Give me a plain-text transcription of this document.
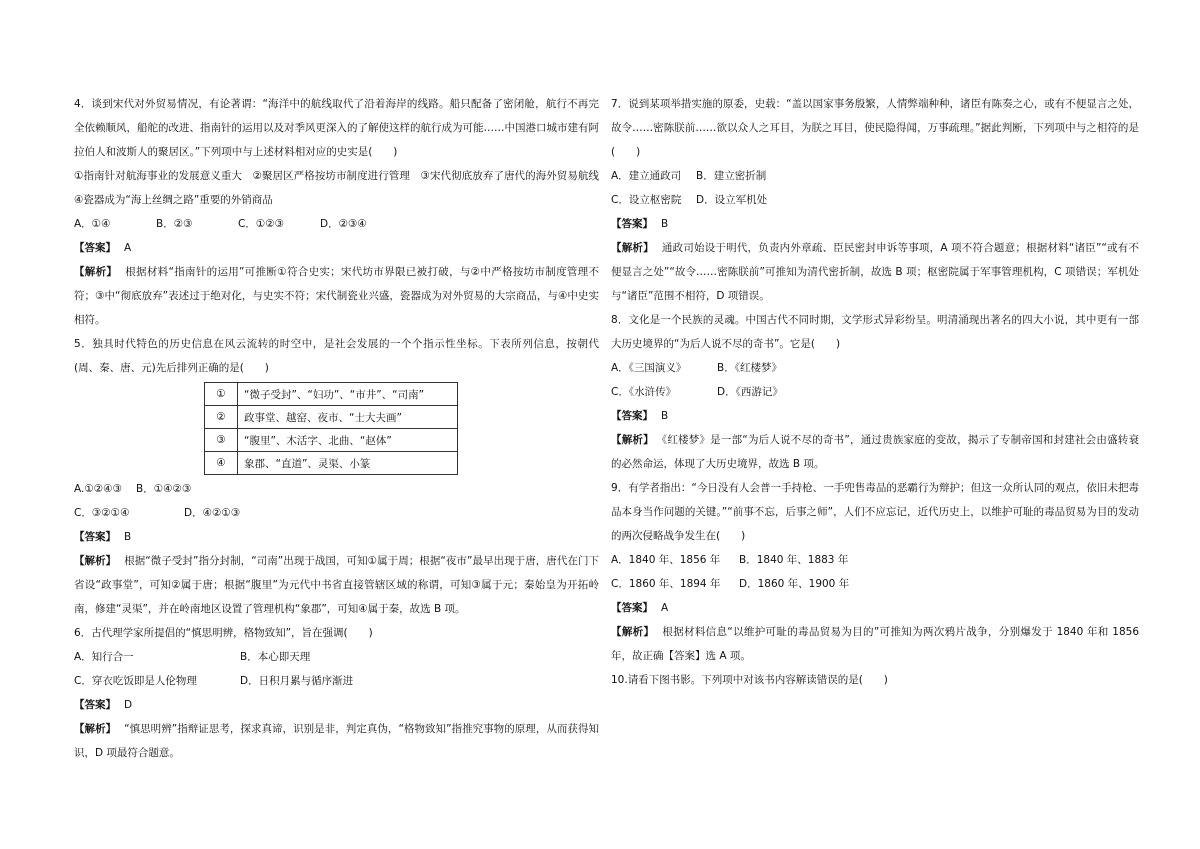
4．谈到宋代对外贸易情况，有论著谓：“海洋中的航线取代了沿着海岸的线路。船只配备了密闭舱，航行不再完全依赖顺风，船舵的改进、指南针的运用以及对季风更深入的了解使这样的航行成为可能……中国港口城市建有阿拉伯人和波斯人的聚居区。”下列项中与上述材料相对应的史实是(　　)

①指南针对航海事业的发展意义重大　②聚居区严格按坊市制度进行管理　③宋代彻底放弃了唐代的海外贸易航线　④瓷器成为“海上丝绸之路”重要的外销商品

A．①④	B．②③	C．①②③	D．②③④

【答案】 A

【解析】 根据材料“指南针的运用”可推断①符合史实；宋代坊市界限已被打破，与②中严格按坊市制度管理不符；③中“彻底放弃”表述过于绝对化，与史实不符；宋代制瓷业兴盛，瓷器成为对外贸易的大宗商品，与④中史实相符。

5．独具时代特色的历史信息在风云流转的时空中，是社会发展的一个个指示性坐标。下表所列信息，按朝代(周、秦、唐、元)先后排列正确的是(　　)

①	“微子受封”、“妇功”、“市井”、“司南”
②	政事堂、越窑、夜市、“士大夫画”
③	“腹里”、木活字、北曲、“赵体”
④	象郡、“直道”、灵渠、小篆
A.①②④③	B．①④②③
C．③②①④	D．④②①③

【答案】 B

【解析】 根据“微子受封”指分封制，“司南”出现于战国，可知①属于周；根据“夜市”最早出现于唐，唐代在门下省设“政事堂”，可知②属于唐；根据“腹里”为元代中书省直接管辖区域的称谓，可知③属于元；秦始皇为开拓岭南，修建“灵渠”，并在岭南地区设置了管理机构“象郡”，可知④属于秦，故选 B 项。

6．古代理学家所提倡的“慎思明辨，格物致知”，旨在强调(　　)

A．知行合一	B．本心即天理
C．穿衣吃饭即是人伦物理	D．日积月累与循序渐进

【答案】 D

【解析】 “慎思明辨”指辩证思考，探求真谛，识别是非，判定真伪，“格物致知”指推究事物的原理，从而获得知识，D 项最符合题意。

7．说到某项举措实施的原委，史载：“盖以国家事务殷繁，人情弊端种种，诸臣有陈奏之心，或有不便显言之处，故令……密陈朕前……欲以众人之耳目，为朕之耳目，使民隐得闻，万事疏理。”据此判断，下列项中与之相符的是(　　)

A．建立通政司	B．建立密折制
C．设立枢密院	D．设立军机处

【答案】 B

【解析】 通政司始设于明代，负责内外章疏、臣民密封申诉等事项，A 项不符合题意；根据材料“诸臣”“或有不便显言之处”“故令……密陈朕前”可推知为清代密折制，故选 B 项；枢密院属于军事管理机构，C 项错误；军机处与“诸臣”范围不相符，D 项错误。

8．文化是一个民族的灵魂。中国古代不同时期，文学形式异彩纷呈。明清涌现出著名的四大小说，其中更有一部大历史境界的“为后人说不尽的奇书”。它是(　　)

A．《三国演义》	B．《红楼梦》
C．《水浒传》	D．《西游记》

【答案】 B

【解析】 《红楼梦》是一部“为后人说不尽的奇书”，通过贵族家庭的变故，揭示了专制帝国和封建社会由盛转衰的必然命运，体现了大历史境界，故选 B 项。

9．有学者指出：“今日没有人会普一手持枪、一手兜售毒品的恶霸行为辩护；但这一众所认同的观点，依旧未把毒品本身当作问题的关键。”“前事不忘，后事之师”，人们不应忘记，近代历史上，以维护可耻的毒品贸易为目的发动的两次侵略战争发生在(　　)

A．1840 年、1856 年	B．1840 年、1883 年
C．1860 年、1894 年	D．1860 年、1900 年

【答案】 A

【解析】 根据材料信息“以维护可耻的毒品贸易为目的”可推知为两次鸦片战争，分别爆发于 1840 年和 1856 年，故正确【答案】选 A 项。

10.请看下图书影。下列项中对该书内容解读错误的是(　　)
